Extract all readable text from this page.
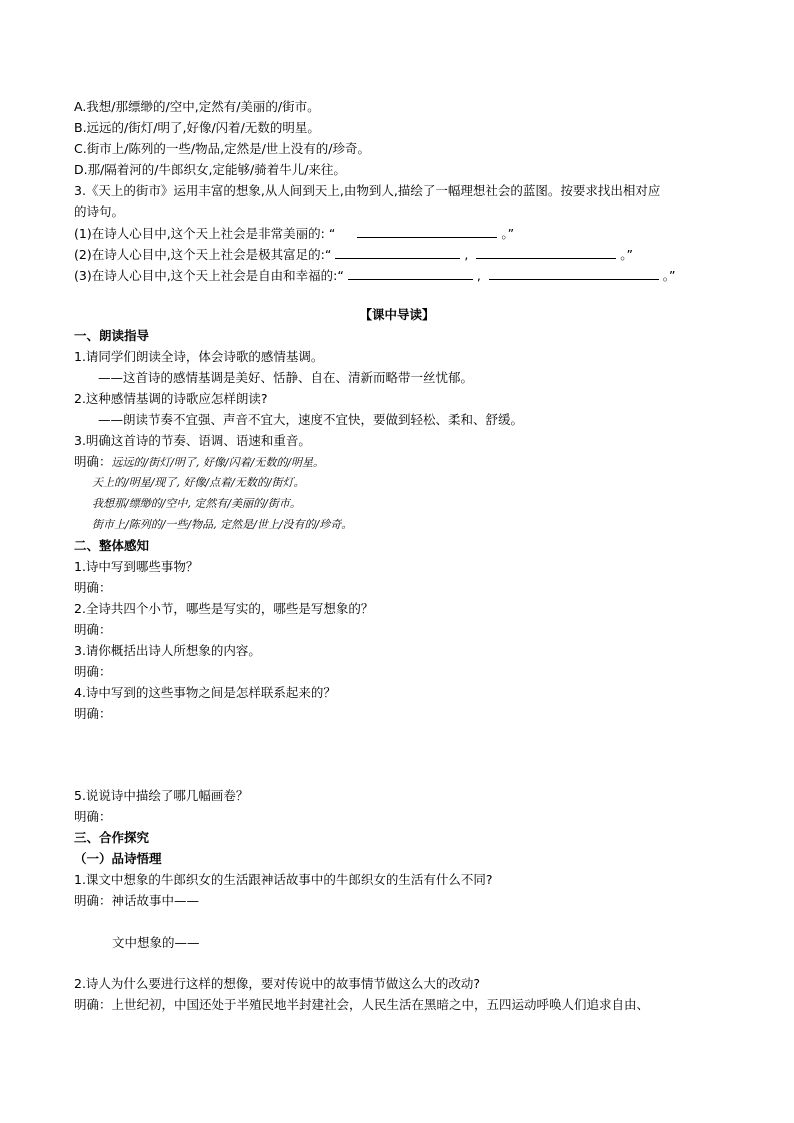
A.我想/那缥缈的/空中,定然有/美丽的/街市。
B.远远的/街灯/明了,好像/闪着/无数的明星。
C.街市上/陈列的一些/物品,定然是/世上没有的/珍奇。
D.那/隔着河的/牛郎织女,定能够/骑着牛儿/来往。
3.《天上的街市》运用丰富的想象,从人间到天上,由物到人,描绘了一幅理想社会的蓝图。按要求找出相对应
的诗句。
(1)在诗人心目中,这个天上社会是非常美丽的: “	。”
(2)在诗人心目中,这个天上社会是极其富足的:“	,	。”
(3)在诗人心目中,这个天上社会是自由和幸福的:“	,	。”
【课中导读】
一、朗读指导
1.请同学们朗读全诗，体会诗歌的感情基调。
——这首诗的感情基调是美好、恬静、自在、清新而略带一丝忧郁。
2.这种感情基调的诗歌应怎样朗读?
——朗读节奏不宜强、声音不宜大，速度不宜快，要做到轻松、柔和、舒缓。
3.明确这首诗的节奏、语调、语速和重音。
明确：远远的/街灯/明了, 好像/闪着/无数的/明星。
天上的/明星/现了, 好像/点着/无数的/街灯。
我想那/缥缈的/空中, 定然有/美丽的/街市。
街市上/陈列的/一些/物品, 定然是/世上/没有的/珍奇。
二、整体感知
1.诗中写到哪些事物？
明确：
2.全诗共四个小节，哪些是写实的，哪些是写想象的？
明确：
3.请你概括出诗人所想象的内容。
明确：
4.诗中写到的这些事物之间是怎样联系起来的？
明确：
5.说说诗中描绘了哪几幅画卷？
明确：
三、合作探究
（一）品诗悟理
1.课文中想象的牛郎织女的生活跟神话故事中的牛郎织女的生活有什么不同?
明确：神话故事中——
文中想象的——
2.诗人为什么要进行这样的想像，要对传说中的故事情节做这么大的改动?
明确：上世纪初，中国还处于半殖民地半封建社会，人民生活在黑暗之中，五四运动呼唤人们追求自由、
